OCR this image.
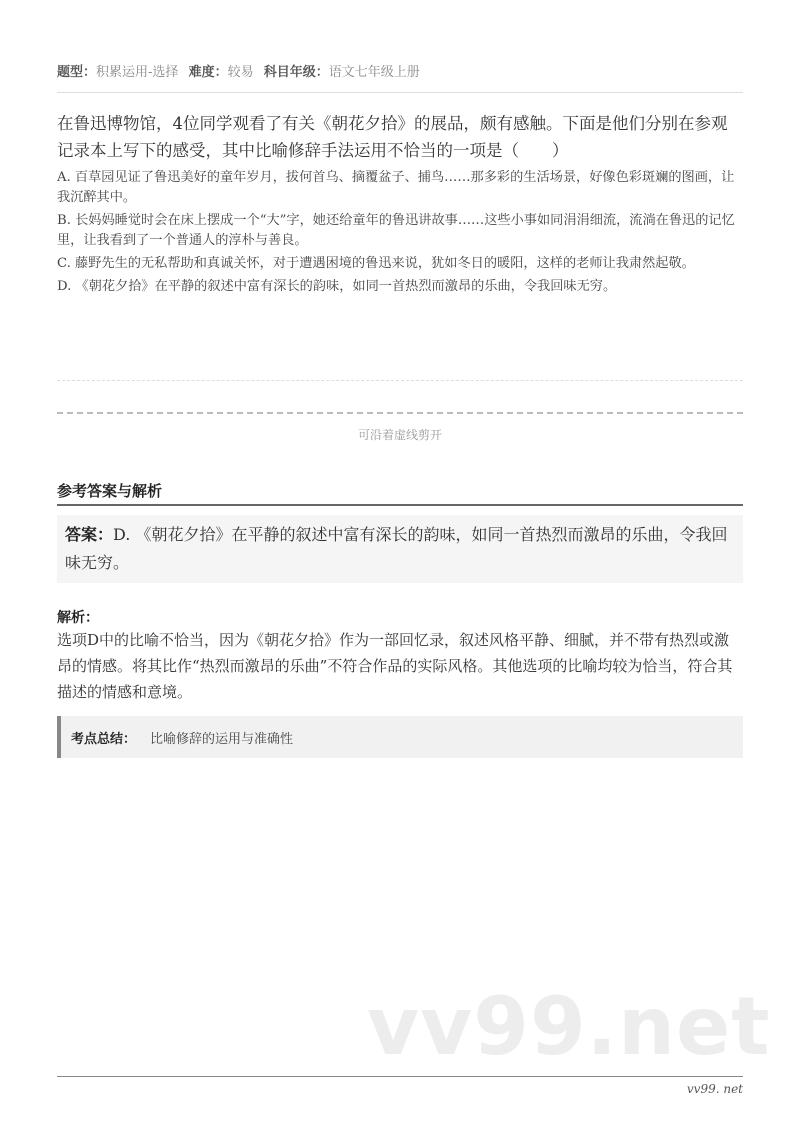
题型：积累运用-选择 难度：较易 科目年级：语文七年级上册
在鲁迅博物馆，4位同学观看了有关《朝花夕拾》的展品，颇有感触。下面是他们分别在参观记录本上写下的感受，其中比喻修辞手法运用不恰当的一项是（　　）
A. 百草园见证了鲁迅美好的童年岁月，拔何首乌、摘覆盆子、捕鸟……那多彩的生活场景，好像色彩斑斓的图画，让我沉醉其中。
B. 长妈妈睡觉时会在床上摆成一个“大”字，她还给童年的鲁迅讲故事……这些小事如同涓涓细流，流淌在鲁迅的记忆里，让我看到了一个普通人的淳朴与善良。
C. 藤野先生的无私帮助和真诚关怀，对于遭遇困境的鲁迅来说，犹如冬日的暖阳，这样的老师让我肃然起敬。
D. 《朝花夕拾》在平静的叙述中富有深长的韵味，如同一首热烈而激昂的乐曲，令我回味无穷。
可沿着虚线剪开
参考答案与解析
答案：D. 《朝花夕拾》在平静的叙述中富有深长的韵味，如同一首热烈而激昂的乐曲，令我回味无穷。
解析：
选项D中的比喻不恰当，因为《朝花夕拾》作为一部回忆录，叙述风格平静、细腻，并不带有热烈或激昂的情感。将其比作“热烈而激昂的乐曲”不符合作品的实际风格。其他选项的比喻均较为恰当，符合其描述的情感和意境。
考点总结： 比喻修辞的运用与准确性
vv99.net
vv99. net
